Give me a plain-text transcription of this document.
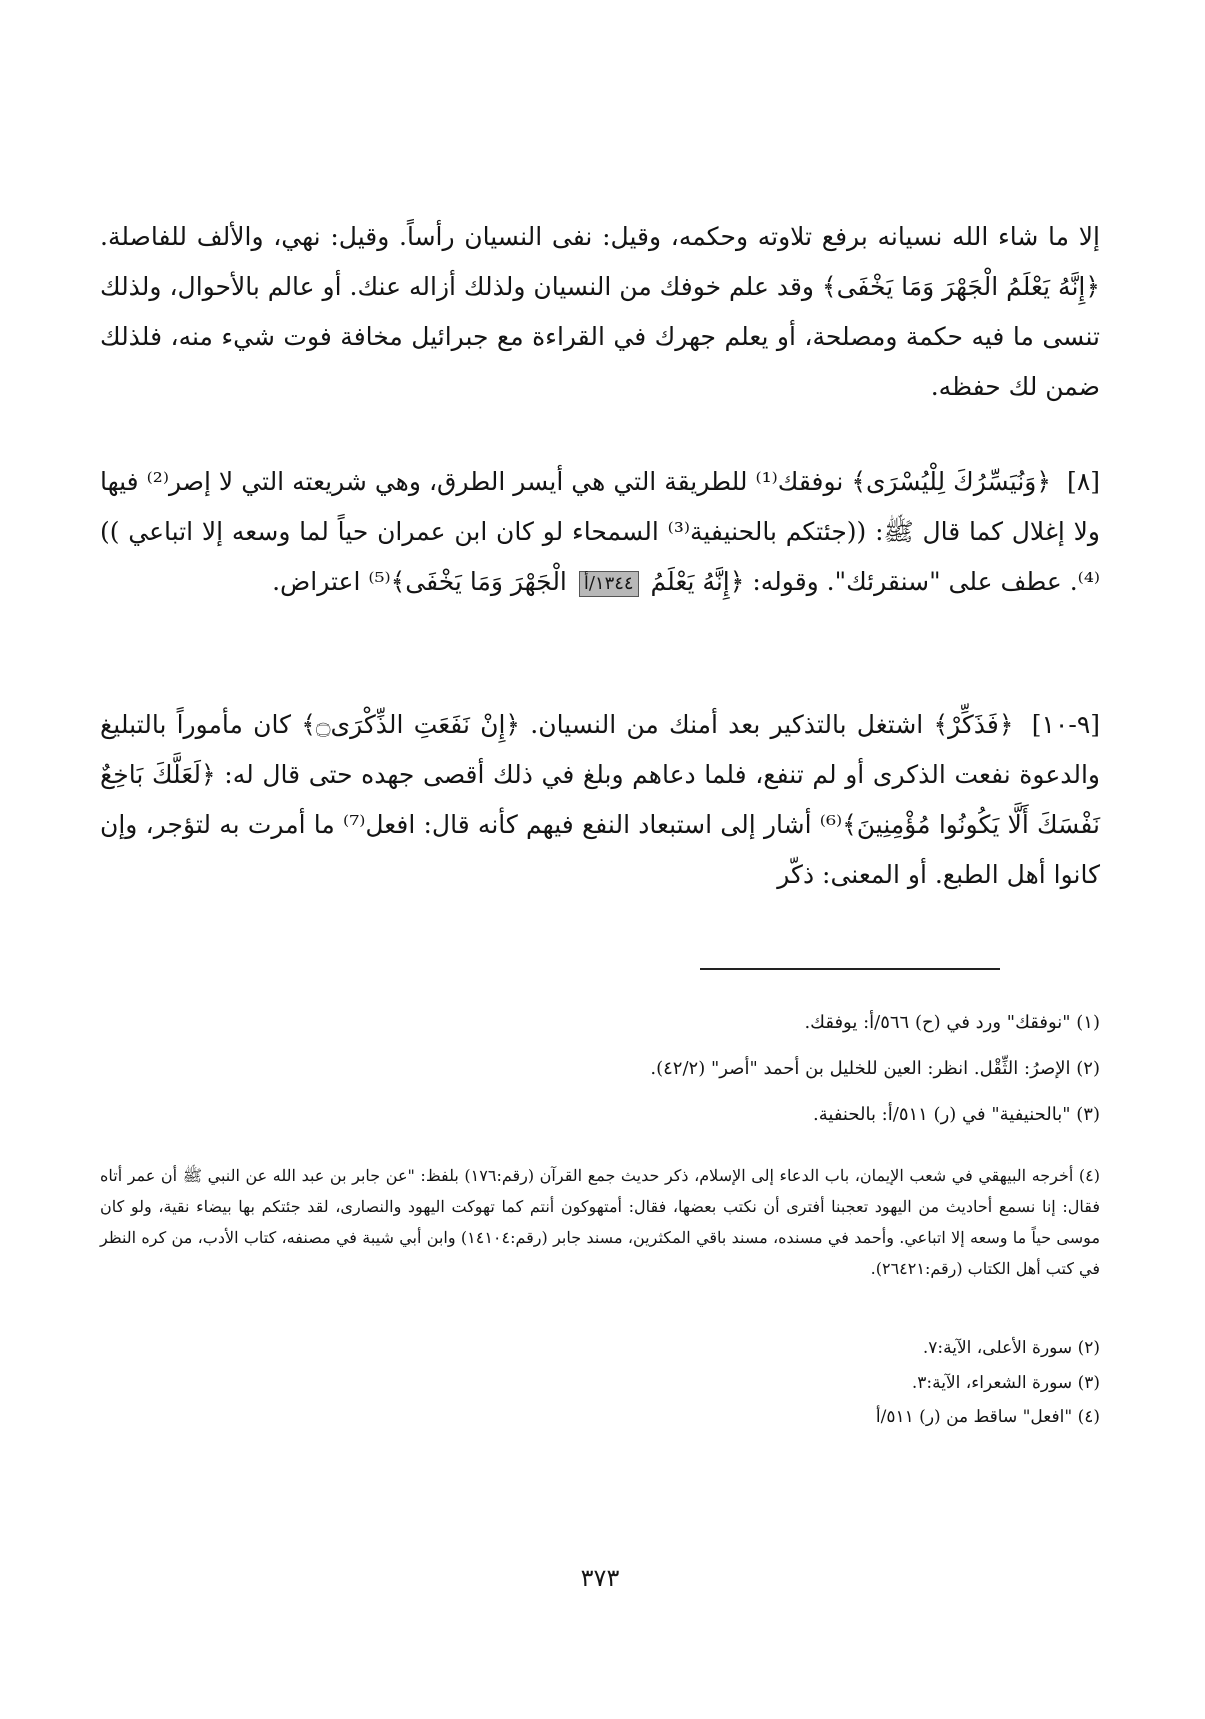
إلا ما شاء الله نسيانه برفع تلاوته وحكمه، وقيل: نفى النسيان رأساً. وقيل: نهي، والألف للفاصلة. ﴿إِنَّهُ يَعْلَمُ الْجَهْرَ وَمَا يَخْفَى﴾ وقد علم خوفك من النسيان ولذلك أزاله عنك. أو عالم بالأحوال، ولذلك تنسى ما فيه حكمة ومصلحة، أو يعلم جهرك في القراءة مع جبرائيل مخافة فوت شيء منه، فلذلك ضمن لك حفظه.
[٨] ﴿وَنُيَسِّرُكَ لِلْيُسْرَى﴾ نوفقك⁽¹⁾ للطريقة التي هي أيسر الطرق، وهي شريعته التي لا إصر⁽²⁾ فيها ولا إغلال كما قال ﷺ: ((جئتكم بالحنيفية⁽³⁾ السمحاء لو كان ابن عمران حياً لما وسعه إلا اتباعي ))⁽⁴⁾. عطف على "سنقرئك". وقوله: ﴿إِنَّهُ يَعْلَمُ ١٣٤٤/أ الْجَهْرَ وَمَا يَخْفَى﴾⁽⁵⁾ اعتراض.
[٩-١٠] ﴿فَذَكِّرْ﴾ اشتغل بالتذكير بعد أمنك من النسيان. ﴿إِنْ نَفَعَتِ الذِّكْرَى۝﴾ كان مأموراً بالتبليغ والدعوة نفعت الذكرى أو لم تنفع، فلما دعاهم وبلغ في ذلك أقصى جهده حتى قال له: ﴿لَعَلَّكَ بَاخِعٌ نَفْسَكَ أَلَّا يَكُونُوا مُؤْمِنِينَ﴾⁽⁶⁾ أشار إلى استبعاد النفع فيهم كأنه قال: افعل⁽⁷⁾ ما أمرت به لتؤجر، وإن كانوا أهل الطبع. أو المعنى: ذكّر
(١) "نوفقك" ورد في (ح) ٥٦٦/أ: يوفقك.
(٢) الإصرُ: الثِّقْل. انظر: العين للخليل بن أحمد "أصر" (٤٢/٢).
(٣) "بالحنيفية" في (ر) ٥١١/أ: بالحنفية.
(٤) أخرجه البيهقي في شعب الإيمان، باب الدعاء إلى الإسلام، ذكر حديث جمع القرآن (رقم:١٧٦) بلفظ: "عن جابر بن عبد الله عن النبي ﷺ أن عمر أتاه فقال: إنا نسمع أحاديث من اليهود تعجبنا أفترى أن نكتب بعضها، فقال: أمتهوكون أنتم كما تهوكت اليهود والنصارى، لقد جئتكم بها بيضاء نقية، ولو كان موسى حياً ما وسعه إلا اتباعي. وأحمد في مسنده، مسند باقي المكثرين، مسند جابر (رقم:١٤١٠٤) وابن أبي شيبة في مصنفه، كتاب الأدب، من كره النظر في كتب أهل الكتاب (رقم:٢٦٤٢١).
(٢) سورة الأعلى، الآية:٧.
(٣) سورة الشعراء، الآية:٣.
(٤) "افعل" ساقط من (ر) ٥١١/أ
٣٧٣
